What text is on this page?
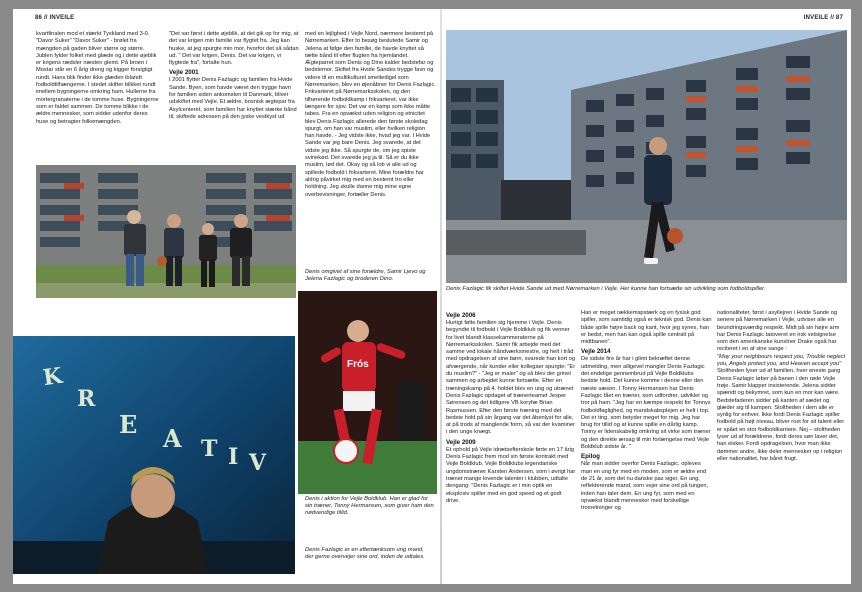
86 // INVEILE	INVEILE // 87

kvartfinalen mod et stærkt Tyskland med 3-0. "Davor Suker" "Davor Suker" - brølet fra mængden på gaden bliver større og større. Jublen fylder folket med glæde og i dette øjeblik er krigens rædsler næsten glemt. På broen i Mostar står en 6 årig dreng og kigger forsigtigt rundt. Hans blik finder ikke glæden iblandt fodboldtilhængerne. I stedet skifter blikket rundt imellem bygningerne omkring ham. Hullerne fra mortergranaterne i de tomme huse. Bygningerne som er faldet sammen. De tomme blikke i de ældre mennesker, som sidder udenfor deres huse og betragter folkemængden.

"Det var først i dette øjeblik, at det gik op for mig, at det var krigen min familie var flygtet fra. Jeg kan huske, at jeg spurgte min mor, hvorfor det så sådan ud. " Det var krigen, Denis. Det var krigen, vi flygtede fra", fortalte hun.

Vejle 2001

I 2001 flytter Denis Fazlagic og familien fra Hvide Sande. Byen, som havde været den trygge havn for familien siden ankomsten til Danmark, bliver udskiftet med Vejle. Et ældre, bosnisk ægtepar fra Asylcenteret, som familien har knyttet stærke bånd til, skiftede adressen på den jyske vestkyst ud

med en lejlighed i Vejle Nord, nærmere bestemt på Nørremarken. Efter to besøg beslutede Samir og Jelena at følge den familie, de havde knyttet så tætte bånd til efter flugten fra hjemlandet. Ægteparret som Denis og Dino kalder bedstefar og bedstemor. Skiftet fra Hvide Sandes trygge favn og videre til en multikulturel smeltedigel som Nørremarken, blev en øjenåbner for Denis Fazlagic. Frikvarteret på Nørremarksskolen, og den tilhørende fodboldkamp i frikvarteret, var ikke længere for sjov. Det var en kamp som ikke måtte tabes. Fra en opvækst uden religion og etnicitet blev Denis Fazlagic allerede den første skoledag spurgt, om han var muslim, eller hvilken religion han havde. - Jeg vidste ikke, hvad jeg var. I Hvide Sande var jeg bare Denis. Jeg svarede, at det vidste jeg ikke. Så spurgte de, om jeg spiste svinekød. Det svarede jeg ja til. Så er du ikke muslim, lød det. Okay og så lob vi alle ud og spillede fodbold i frikvarteret. Mine forældre har aldrig påvirket mig med en bestemt tro eller holdning. Jeg skulle danne mig mine egne overbevisninger, fortæller Denis.

Denis omgivet af sine forældre, Samir Ljevo og Jelena Fazlagic og broderen Dino.
K
R
E A T I V
Frós
Denis i aktion for Vejle Boldklub. Han er glad for sin træner, Tonny Hermansen, som giver ham den nødvendige tillid.
Denis Fazlagic er en eftertænksom ung mand, der gerne overvejer sine ord, inden de udtales.
Denis Fazlagic fik skiftet Hvide Sande ud med Nørremarken i Vejle. Her kunne han fortsætte sin udvikling som fodboldspiller.
Vejle 2006

Hurtigt følte familien sig hjemme i Vejle. Denis begyndte til fodbold i Vejle Boldklub og fik venner for livet blandt klassekammeraterne på Nørremarksskolen. Samir fik arbejde med det samme ved lokale håndværksmestre, og helt i tråd med opdragelsen af sine børn, svarede han kort og afværgende, når kunder eller kollegaer spurgte: "Er du muslim?" - "Jeg er maler" og så blev der grinet sammen og arbejdet kunne fortsætte. Efter en træningskamp på 4. holdet blev en ung og utrænet Denis Fazlagic opdaget af trænerteamet Jesper Sørensen og det tidligere VB koryfæ Brian Rasmussen. Efter den første træning med det bedste hold på sin årgang var det åbenlyst for alle, at på trods af manglende form, så var der kvaminer i den unge knægt.

Vejle 2009

Et ophold på Vejle idrætsefterskole førte en 17 årig Denis Fazlagic frem mod sin første kontrakt med Vejle Boldklub. Vejle Boldklubs legendariske ungdomstræner Karsten Andersen, som i øvrigt har trænet mange lovende talenter i klubben, udtalte dengang: "Denis Fazlagic er i min optik en eksplosiv spiller med en god speed og et godt drive.

Han er meget rækkemspstærk og en fysisk god spiller, som samtidig også er teknisk god. Denis kan både spille højre back og kant, hvor jeg synes, han er bedst, men han kan også spille centralt på midtbanen".

Vejle 2014

De sidste fire år har i glimt bekræftet denne udmelding, men alligevel mangler Denis Fazlagic det endelige gennembrud på Vejle Boldklubs bedste hold. Det kunne komme i denne eller den næste sæson. I Tonny Hermansen har Denis Fazlagic fået en træner, som udfordrer, udvikler og tror på ham. "Jeg har en kæmpe respekt for Tonnys fodboldfaglighed, og mandskabsplejen er helt i top. Det er ting, som betyder meget for mig. Jeg har brug for tillid og at kunne spille en dårlig kamp. Tonny er lidenskabelig omkring sit virke som træner og den direkte ærsag til min forlængelse med Vejle Boldklub sidste år. "

Epilog

Når man sidder overfor Denis Fazlagic, opleves man en ung fyr med en moden, som er ældre end de 21 år, som det nu danske pas siger. En ung, reflekterende mand, som vejer sine ord på tungen, inden han taler dem. En ung fyr, som med en opvækst blandt mennesker med forskellige trosretninger og

nationaliteter, først i asyllejren i Hvide Sande og senere på Nørremarken i Vejle, udviser alle en beundringsværdig respekt. Midt på sin højre arm har Denis Fazlagic tatoveret en irsk velsignelse som den amerikanske kunstner Drake også har reciteret i en af sine sange :

"May your neighbours respect you, Trouble neglect you, Angels protect you, and Heaven accept you"

Stoltheden lyser ud af familien, hver eneste gang Denis Fazlagic løber på banen i den røde Vejle trøje. Samir klapper insisterende. Jelena sidder spændt og bekymret, som kun en mor kan være. Bedstefaderen sidder på kanten af sædet og glæder sig til kampen. Stoltheden i dem alle er synlig for enhver. Ikke fordi Denis Fazlagic spiller fodbold på højt niveau, bliver rost for sit talent eller er spået en stor fodboldkarriere. Nej – stoltheden lyser ud af forældrene, fordi deres søn laver det, han elsker. Fordi opdragelsen, hvor man ikke dømmer andre, ikke deler mennesker op i religion eller nationalitet, har båret frugt.
